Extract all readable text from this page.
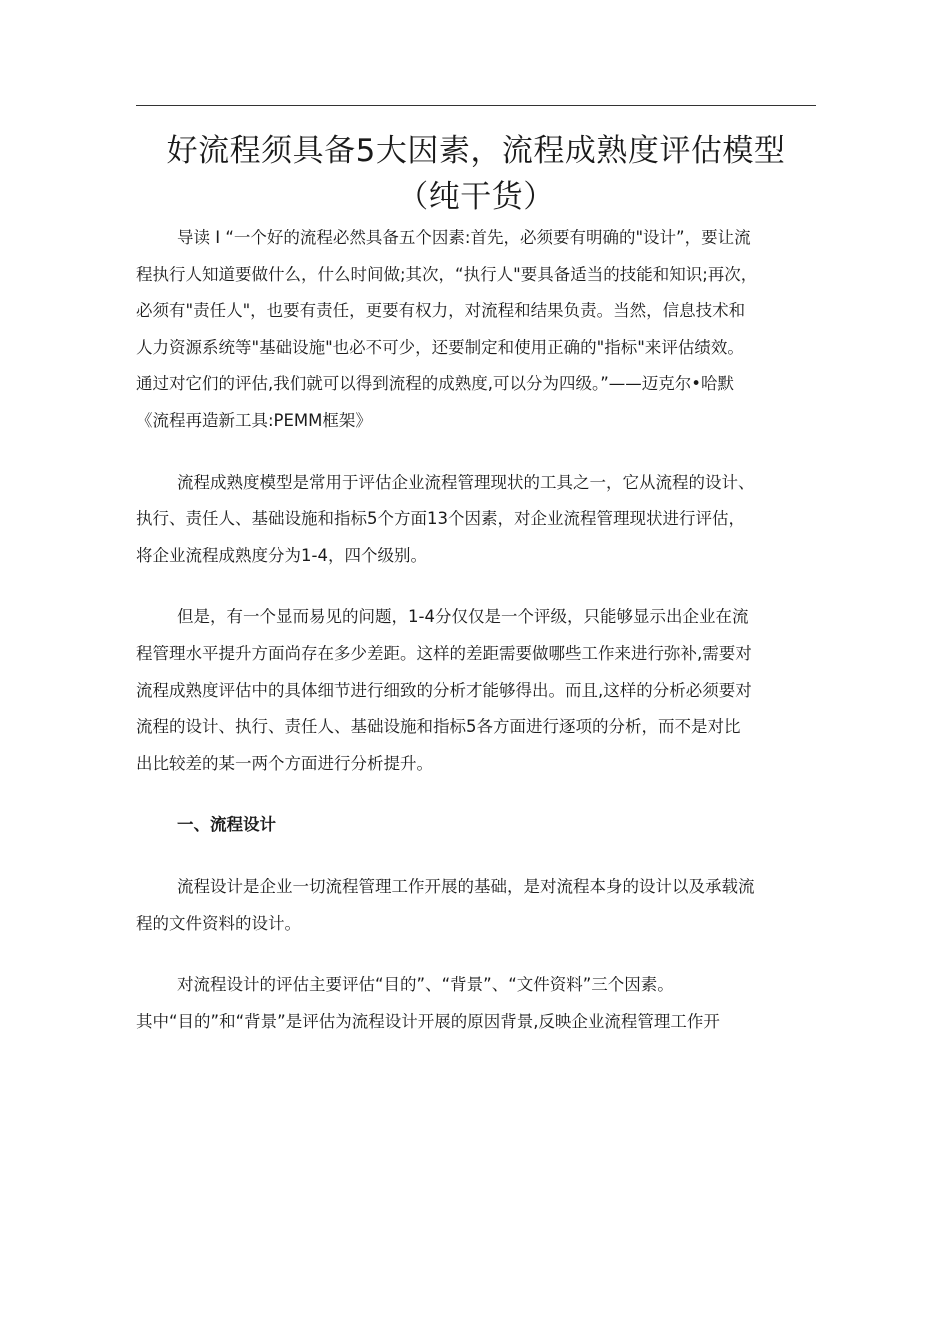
好流程须具备5大因素，流程成熟度评估模型
（纯干货）
导读 I “一个好的流程必然具备五个因素:首先，必须要有明确的"设计”，要让流
程执行人知道要做什么，什么时间做;其次，“执行人"要具备适当的技能和知识;再次，
必须有"责任人"，也要有责任，更要有权力，对流程和结果负责。当然，信息技术和
人力资源系统等"基础设施"也必不可少，还要制定和使用正确的"指标"来评估绩效。
通过对它们的评估,我们就可以得到流程的成熟度,可以分为四级。”——迈克尔•哈默
《流程再造新工具:PEMM框架》
流程成熟度模型是常用于评估企业流程管理现状的工具之一，它从流程的设计、
执行、责任人、基础设施和指标5个方面13个因素，对企业流程管理现状进行评估，
将企业流程成熟度分为1-4，四个级别。
但是，有一个显而易见的问题，1-4分仅仅是一个评级，只能够显示出企业在流
程管理水平提升方面尚存在多少差距。这样的差距需要做哪些工作来进行弥补,需要对
流程成熟度评估中的具体细节进行细致的分析才能够得出。而且,这样的分析必须要对
流程的设计、执行、责任人、基础设施和指标5各方面进行逐项的分析，而不是对比
出比较差的某一两个方面进行分析提升。
一、流程设计
流程设计是企业一切流程管理工作开展的基础，是对流程本身的设计以及承载流
程的文件资料的设计。
对流程设计的评估主要评估“目的”、“背景”、“文件资料”三个因素。
其中“目的”和“背景”是评估为流程设计开展的原因背景,反映企业流程管理工作开
